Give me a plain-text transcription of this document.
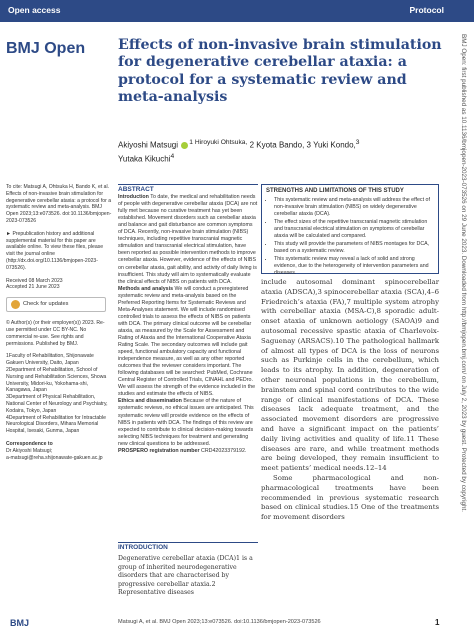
Open access	Protocol
BMJ Open Effects of non-invasive brain stimulation for degenerative cerebellar ataxia: a protocol for a systematic review and meta-analysis
Akiyoshi Matsugi $^{1 Hiroyuki Ohtsuka,}$ 2 Kyota Bando, 3 Yuki Kondo,$^3$
Yutaka Kikuchi$^4$

To cite: Matsugi A, Ohtsuka H, Bando K, et al. Effects of non-invasive brain stimulation for degenerative cerebellar ataxia: a protocol for a systematic review and meta-analysis. BMJ Open 2023;13:e073526. doi:10.1136/bmjopen-2023-073526

► Prepublication history and additional supplemental material for this paper are available online. To view these files, please visit the journal online (http://dx.doi.org/10.1136/bmjopen-2023-073526).

Received 08 March 2023
Accepted 21 June 2023

Check for updates

© Author(s) (or their employer(s)) 2023. Re-use permitted under CC BY-NC. No commercial re-use. See rights and permissions. Published by BMJ.

1Faculty of Rehabilitation, Shijonawate Gakuen University, Daito, Japan
2Department of Rehabilitation, School of Nursing and Rehabilitation Sciences, Showa University, Midori-ku, Yokohama-shi, Kanagawa, Japan
3Department of Physical Rehabilitation, National Center of Neurology and Psychiatry, Kodaira, Tokyo, Japan
4Department of Rehabilitation for Intractable Neurological Disorders, Mihara Memorial Hospital, Isesaki, Gunma, Japan

Correspondence to

Dr Akiyoshi Matsugi;
a-matsugi@reha.shijonawate-gakuen.ac.jp

ABSTRACT

Introduction To date, the medical and rehabilitation needs of people with degenerative cerebellar ataxia (DCA) are not fully met because no curative treatment has yet been established. Movement disorders such as cerebellar ataxia and balance and gait disturbance are common symptoms of DCA. Recently, non-invasive brain stimulation (NIBS) techniques, including repetitive transcranial magnetic stimulation and transcranial electrical stimulation, have been reported as possible intervention methods to improve cerebellar ataxia. However, evidence of the effects of NIBS on cerebellar ataxia, gait ability, and activity of daily living is insufficient. This study will aim to systematically evaluate the clinical effects of NIBS on patients with DCA.

Methods and analysis We will conduct a preregistered systematic review and meta-analysis based on the Preferred Reporting Items for Systematic Reviews and Meta-Analyses statement. We will include randomised controlled trials to assess the effects of NIBS on patients with DCA. The primary clinical outcome will be cerebellar ataxia, as measured by the Scale for Assessment and Rating of Ataxia and the International Cooperative Ataxia Rating Scale. The secondary outcomes will include gait speed, functional ambulatory capacity and functional independence measure, as well as any other reported outcomes that the reviewer considers important. The following databases will be searched: PubMed, Cochrane Central Register of Controlled Trials, CINAHL and PEDro. We will assess the strength of the evidence included in the studies and estimate the effects of NIBS.

Ethics and dissemination Because of the nature of systematic reviews, no ethical issues are anticipated. This systematic review will provide evidence on the effects of NIBS in patients with DCA. The findings of this review are expected to contribute to clinical decision-making towards selecting NIBS techniques for treatment and generating new clinical questions to be addressed.

PROSPERO registration number CRD42023379192.

INTRODUCTION
Degenerative cerebellar ataxia (DCA)1 is a group of inherited neurodegenerative disorders that are characterised by progressive cerebellar ataxia.2 Representative diseases
STRENGTHS AND LIMITATIONS OF THIS STUDY
• This systematic review and meta-analysis will address the effect of non-invasive brain stimulation (NIBS) on widely degenerative cerebellar ataxia (DCA).
• The effect sizes of the repetitive transcranial magnetic stimulation and transcranial electrical stimulation on symptoms of cerebellar ataxia will be calculated and compared.
• This study will provide the parameters of NIBS montages for DCA, based on a systematic review.
• This systematic review may reveal a lack of solid and strong evidence, due to the heterogeneity of intervention parameters and diseases.

include autosomal dominant spinocerebellar ataxia (ADSCA),3 spinocerebellar ataxia (SCA),4–6 Friedreich’s ataxia (FA),7 multiple system atrophy with cerebellar ataxia (MSA-C),8 sporadic adult-onset ataxia of unknown aetiology (SAOA)9 and autosomal recessive spastic ataxia of Charlevoix-Saguenay (ARSACS).10 The pathological hallmark of almost all types of DCA is the loss of neurons such as Purkinje cells in the cerebellum, which leads to its atrophy. In addition, degeneration of other neuronal populations in the cerebellum, brainstem and spinal cord contributes to the wide range of clinical manifestations of DCA. These diseases lack adequate treatment, and the associated movement disorders are progressive and have a significant impact on the patients’ daily living activities and quality of life.11 These diseases are rare, and while treatment methods are being developed, they remain insufficient to meet patients’ medical needs.12–14

Some pharmacological and non-pharmacological treatments have been recommended in previous systematic research based on clinical studies.15 One of the treatments for movement disorders

BMJ Open: first published as 10.1136/bmjopen-2023-073526 on 29 June 2023. Downloaded from http://bmjopen.bmj.com/ on July 2, 2023 by guest. Protected by copyright.
BMJ	Matsugi A, et al. BMJ Open 2023;13:e073526. doi:10.1136/bmjopen-2023-073526	1
